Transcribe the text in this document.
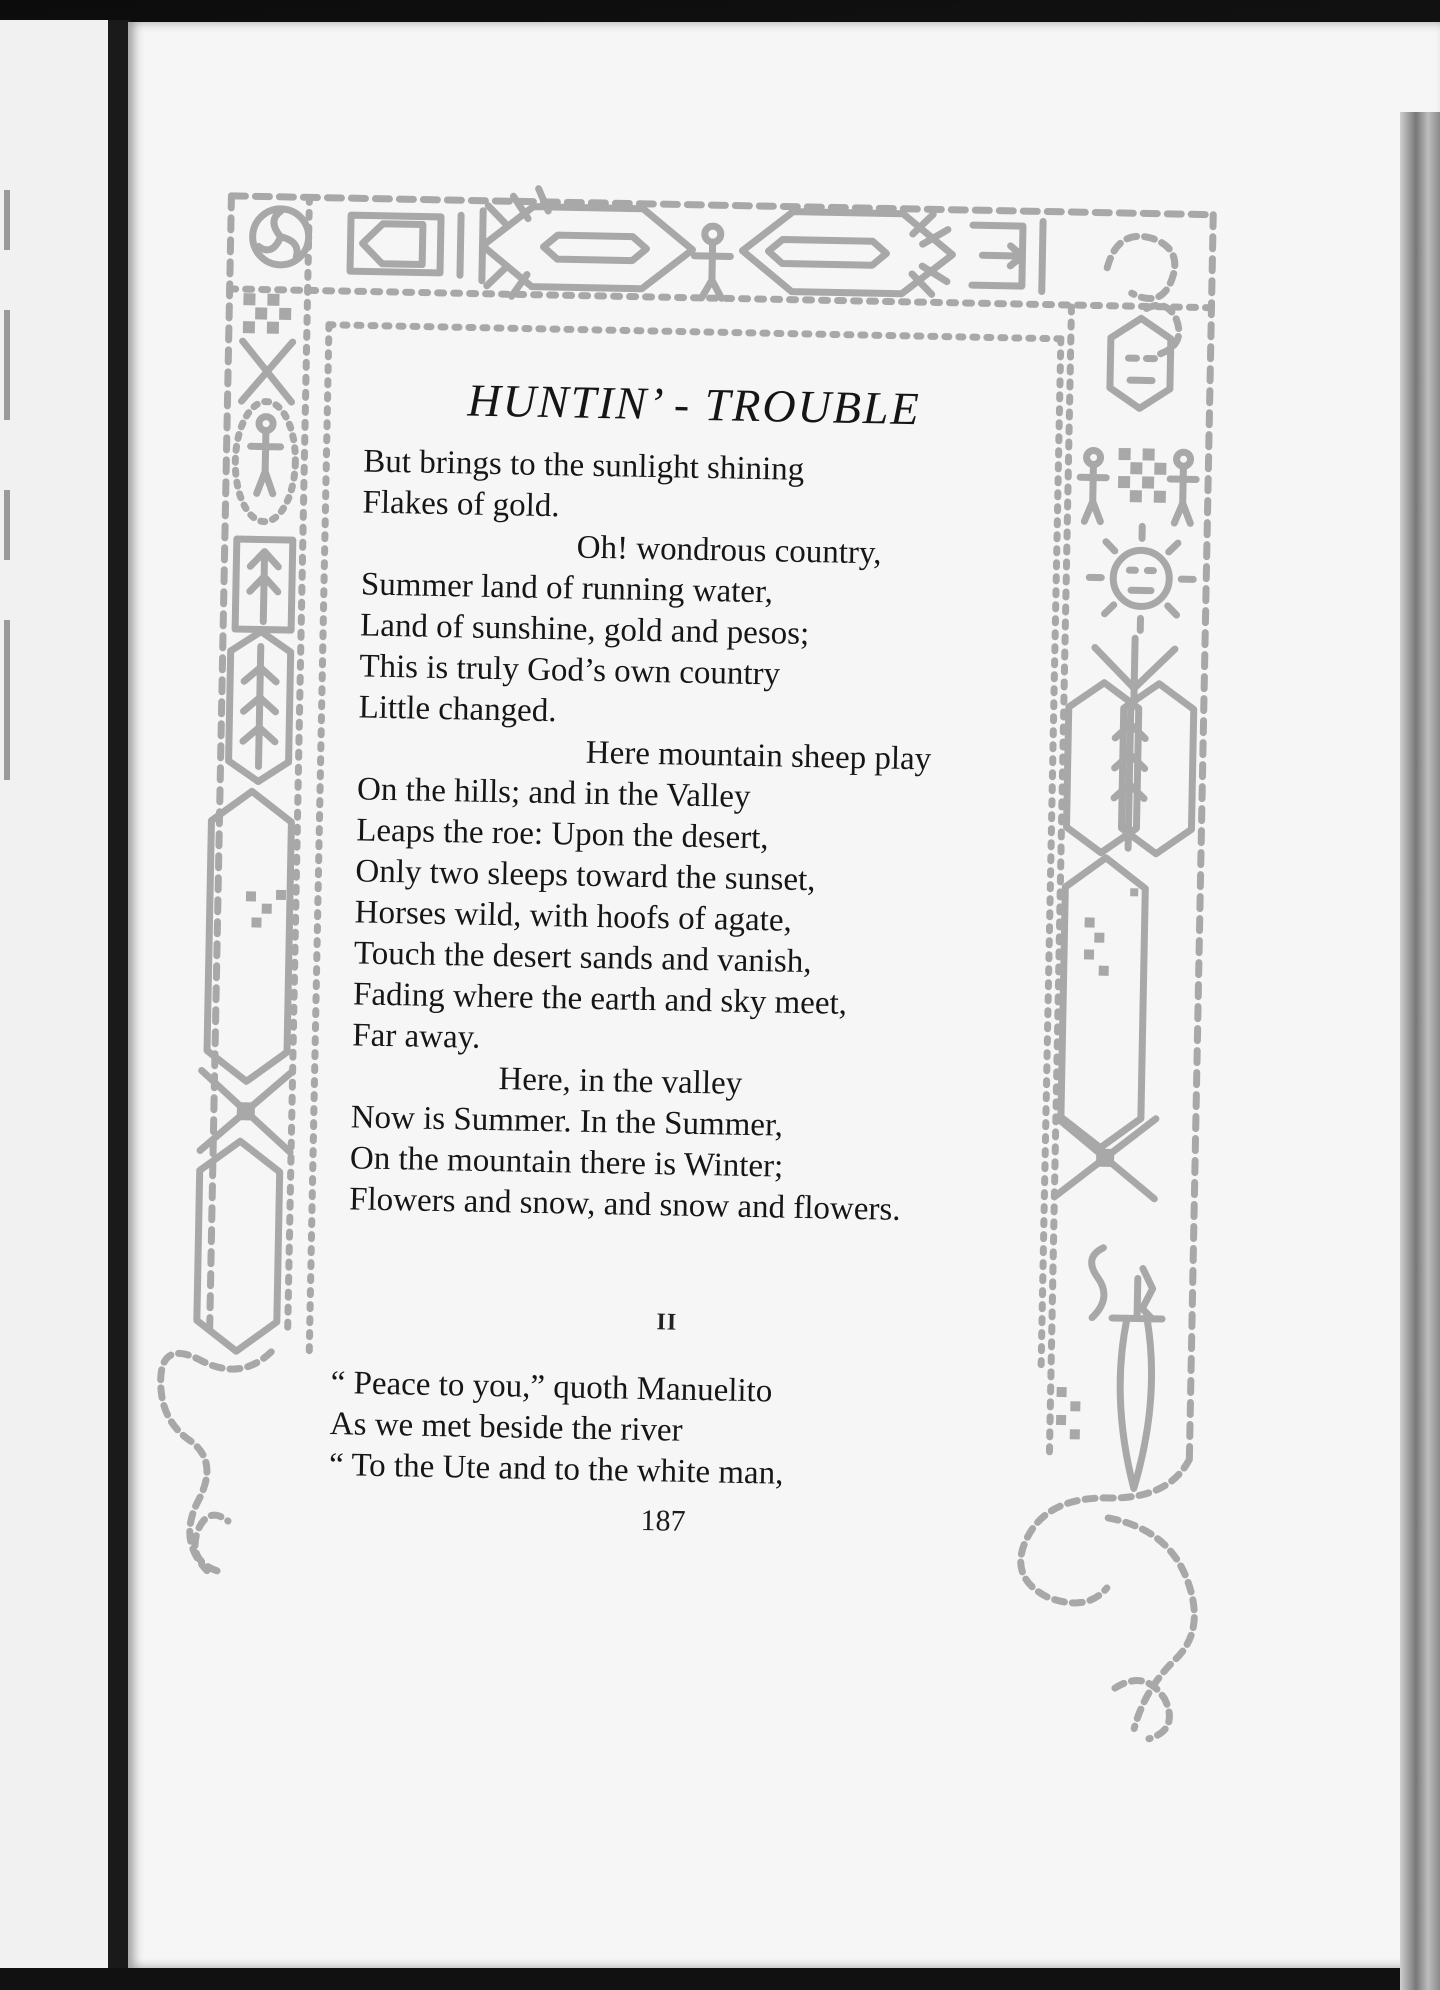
HUNTIN’ - TROUBLE
But brings to the sunlight shining
Flakes of gold.
Oh! wondrous country,
Summer land of running water,
Land of sunshine, gold and pesos;
This is truly God’s own country
Little changed.
Here mountain sheep play
On the hills; and in the Valley
Leaps the roe: Upon the desert,
Only two sleeps toward the sunset,
Horses wild, with hoofs of agate,
Touch the desert sands and vanish,
Fading where the earth and sky meet,
Far away.
Here, in the valley
Now is Summer. In the Summer,
On the mountain there is Winter;
Flowers and snow, and snow and flowers.
II
“ Peace to you,” quoth Manuelito
As we met beside the river
“ To the Ute and to the white man,
187
